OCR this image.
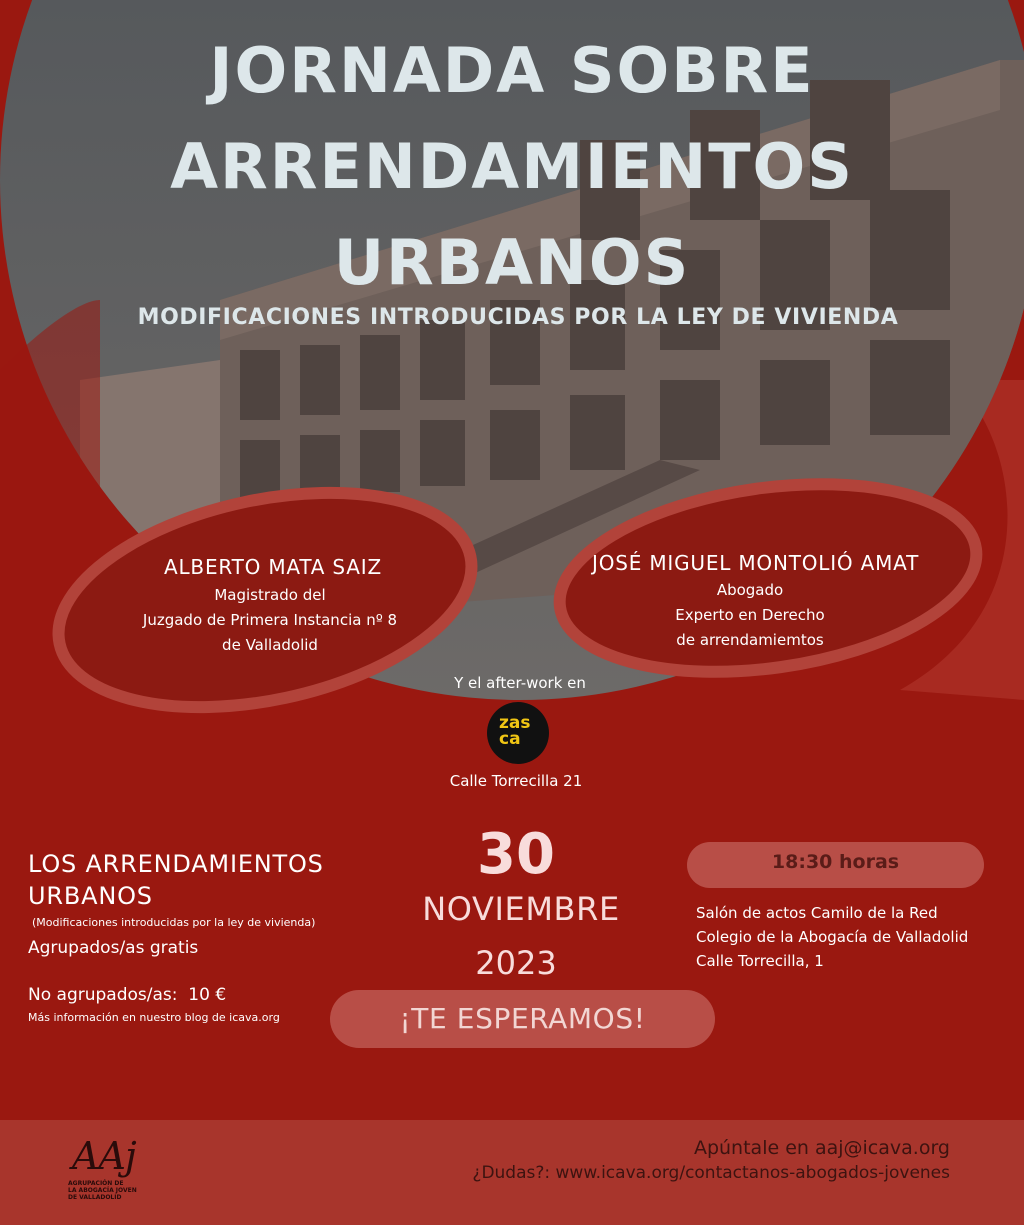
JORNADA SOBRE
ARRENDAMIENTOS
URBANOS
MODIFICACIONES INTRODUCIDAS POR LA LEY DE VIVIENDA
ALBERTO MATA SAIZ
Magistrado del
Juzgado de Primera Instancia nº 8
de Valladolid
JOSÉ MIGUEL MONTOLIÓ AMAT
Abogado
Experto en Derecho
de arrendamiemtos
Y el after-work en
zas
ca
Calle Torrecilla 21
LOS ARRENDAMIENTOS
URBANOS
(Modificaciones introducidas por la ley de vivienda)
Agrupados/as gratis
No agrupados/as:  10 €
Más información en nuestro blog de icava.org
30
NOVIEMBRE
2023
18:30 horas
Salón de actos Camilo de la Red
Colegio de la Abogacía de Valladolid
Calle Torrecilla, 1
¡TE ESPERAMOS!
AAj
AGRUPACIÓN DE
LA ABOGACÍA JOVEN
DE VALLADOLID
Apúntale en aaj@icava.org
¿Dudas?: www.icava.org/contactanos-abogados-jovenes
